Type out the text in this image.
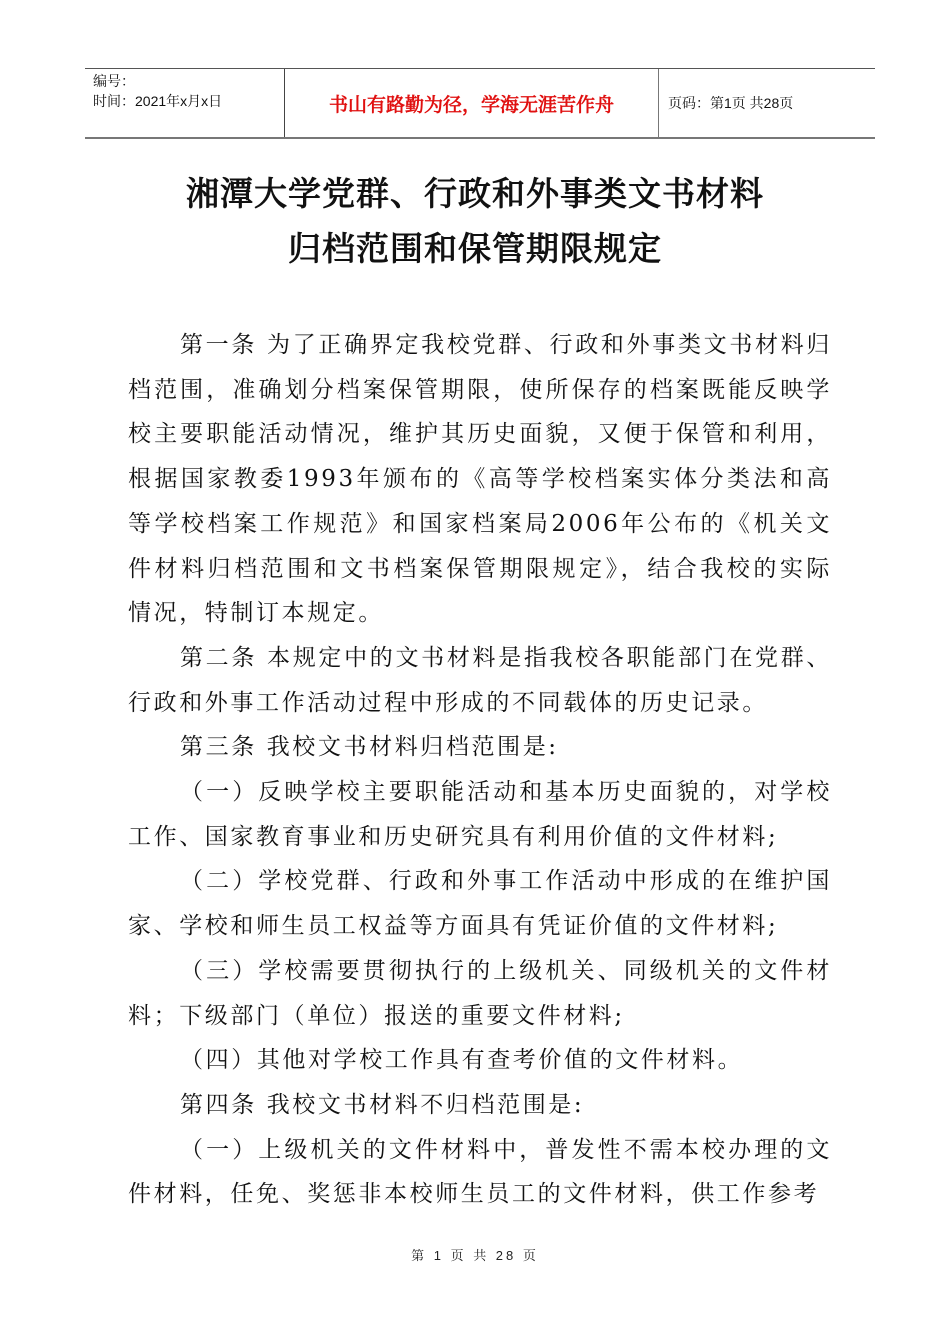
编号：
时间：2021年x月x日	书山有路勤为径，学海无涯苦作舟	页码：第1页 共28页
湘潭大学党群、行政和外事类文书材料
归档范围和保管期限规定

第一条 为了正确界定我校党群、行政和外事类文书材料归档范围，准确划分档案保管期限，使所保存的档案既能反映学校主要职能活动情况，维护其历史面貌，又便于保管和利用，根据国家教委1993年颁布的《高等学校档案实体分类法和高等学校档案工作规范》和国家档案局2006年公布的《机关文件材料归档范围和文书档案保管期限规定》，结合我校的实际情况，特制订本规定。

第二条 本规定中的文书材料是指我校各职能部门在党群、行政和外事工作活动过程中形成的不同载体的历史记录。

第三条 我校文书材料归档范围是:

（一）反映学校主要职能活动和基本历史面貌的，对学校工作、国家教育事业和历史研究具有利用价值的文件材料;

（二）学校党群、行政和外事工作活动中形成的在维护国家、学校和师生员工权益等方面具有凭证价值的文件材料;

（三）学校需要贯彻执行的上级机关、同级机关的文件材料；下级部门（单位）报送的重要文件材料;

（四）其他对学校工作具有查考价值的文件材料。

第四条 我校文书材料不归档范围是:

（一）上级机关的文件材料中，普发性不需本校办理的文件材料，任免、奖惩非本校师生员工的文件材料，供工作参考

第 1 页 共 28 页
